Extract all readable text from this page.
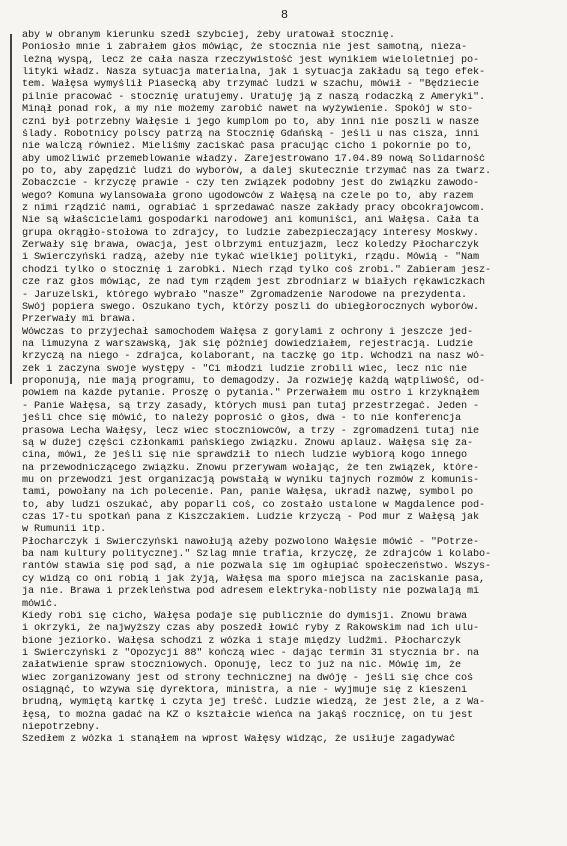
8
aby w obranym kierunku szedł szybciej, żeby uratował stocznię.
Poniosło mnie i zabrałem głos mówiąc, że stocznia nie jest samotną, nieza-
leżną wyspą, lecz że cała nasza rzeczywistość jest wynikiem wieloletniej po-
lityki władz. Nasza sytuacja materialna, jak i sytuacja zakładu są tego efek-
tem. Wałęsa wymyślił Piasecką aby trzymać ludzi w szachu, mówił - "Będziecie
pilnie pracować - stocznię uratujemy. Uratuję ją z naszą rodaczką z Ameryki".
Minął ponad rok, a my nie możemy zarobić nawet na wyżywienie. Spokój w sto-
czni był potrzebny Wałęsie i jego kumplom po to, aby inni nie poszli w nasze
ślady. Robotnicy polscy patrzą na Stocznię Gdańską - jeśli u nas cisza, inni
nie walczą również. Mieliśmy zaciskać pasa pracując cicho i pokornie po to,
aby umożliwić przemeblowanie władzy. Zarejestrowano 17.04.89 nową Solidarność
po to, aby zapędzić ludzi do wyborów, a dalej skutecznie trzymać nas za twarz.
Zobaczcie - krzyczę prawie - czy ten związek podobny jest do związku zawodo-
wego? Komuna wylansowała grono ugodowców z Wałęsą na czele po to, aby razem
z nimi rządzić nami, ograbiać i sprzedawać nasze zakłady pracy obcokrajowcom.
Nie są właścicielami gospodarki narodowej ani komuniści, ani Wałęsa. Cała ta
grupa okrągło-stołowa to zdrajcy, to ludzie zabezpieczający interesy Moskwy.
Zerwały się brawa, owacja, jest olbrzymi entuzjazm, lecz koledzy Płocharczyk
i Świerczyński radzą, ażeby nie tykać wielkiej polityki, rządu. Mówią - "Nam
chodzi tylko o stocznię i zarobki. Niech rząd tylko coś zrobi." Zabieram jesz-
cze raz głos mówiąc, że nad tym rządem jest zbrodniarz w białych rękawiczkach
- Jaruzelski, którego wybrało "nasze" Zgromadzenie Narodowe na prezydenta.
Swój popiera swego. Oszukano tych, którzy poszli do ubiegłorocznych wyborów.
Przerwały mi brawa.
Wówczas to przyjechał samochodem Wałęsa z gorylami z ochrony i jeszcze jed-
na limuzyna z warszawską, jak się później dowiedziałem, rejestracją. Ludzie
krzyczą na niego - zdrajca, kolaborant, na taczkę go itp. Wchodzi na nasz wó-
zek i zaczyna swoje występy - "Ci młodzi ludzie zrobili wiec, lecz nic nie
proponują, nie mają programu, to demagodzy. Ja rozwieję każdą wątpliwość, od-
powiem na każde pytanie. Proszę o pytania." Przerwałem mu ostro i krzyknąłem
- Panie Wałęsa, są trzy zasady, których musi pan tutaj przestrzegać. Jeden -
jeśli chce się mówić, to należy poprosić o głos, dwa - to nie konferencja
prasowa Lecha Wałęsy, lecz wiec stoczniowców, a trzy - zgromadzeni tutaj nie
są w dużej części członkami pańskiego związku. Znowu aplauz. Wałęsa się za-
cina, mówi, że jeśli się nie sprawdził to niech ludzie wybiorą kogo innego
na przewodniczącego związku. Znowu przerywam wołając, że ten związek, które-
mu on przewodzi jest organizacją powstałą w wyniku tajnych rozmów z komunis-
tami, powołany na ich polecenie. Pan, panie Wałęsa, ukradł nazwę, symbol po
to, aby ludzi oszukać, aby poparli coś, co zostało ustalone w Magdalence pod-
czas 17-tu spotkań pana z Kiszczakiem. Ludzie krzyczą - Pod mur z Wałęsą jak
w Rumunii itp.
Płocharczyk i Świerczyński nawołują ażeby pozwolono Wałęsie mówić - "Potrze-
ba nam kultury politycznej." Szlag mnie trafia, krzyczę, że zdrajców i kolabo-
rantów stawia się pod sąd, a nie pozwala się im ogłupiać społeczeństwo. Wszys-
cy widzą co oni robią i jak żyją, Wałęsa ma sporo miejsca na zaciskanie pasa,
ja nie. Brawa i przekleństwa pod adresem elektryka-noblisty nie pozwalają mi
mówić.
Kiedy robi się cicho, Wałęsa podaje się publicznie do dymisji. Znowu brawa
i okrzyki, że najwyższy czas aby poszedł łowić ryby z Rakowskim nad ich ulu-
bione jeziorko. Wałęsa schodzi z wózka i staje między ludźmi. Płocharczyk
i Świerczyński z "Opozycji 88" kończą wiec - dając termin 31 stycznia br. na
załatwienie spraw stoczniowych. Oponuję, lecz to już na nic. Mówię im, że
wiec zorganizowany jest od strony technicznej na dwóję - jeśli się chce coś
osiągnąć, to wzywa się dyrektora, ministra, a nie - wyjmuje się z kieszeni
brudną, wymiętą kartkę i czyta jej treść. Ludzie wiedzą, że jest źle, a z Wa-
łęsą, to można gadać na KZ o kształcie wieńca na jakąś rocznicę, on tu jest
niepotrzebny.
Szedłem z wózka i stanąłem na wprost Wałęsy widząc, że usiłuje zagadywać
